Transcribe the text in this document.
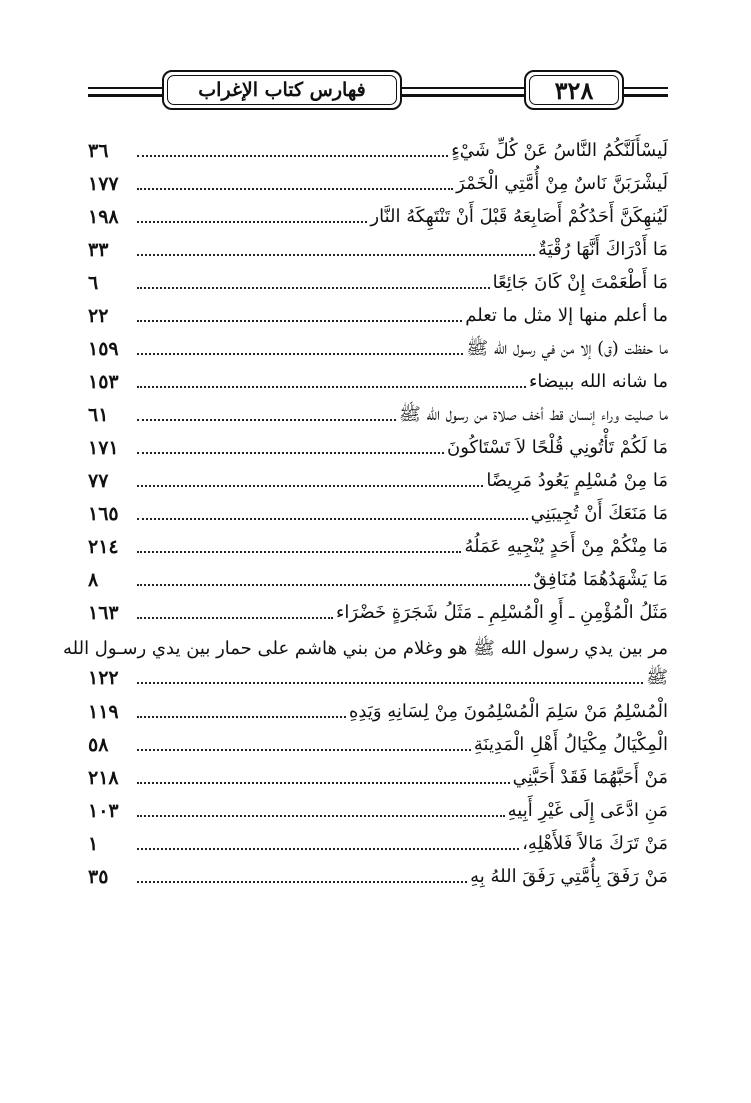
فهارس كتاب الإغراب	٣٢٨
لَيسْأَلَنَّكُمُ النَّاسُ عَنْ كُلِّ شَيْءٍ
٣٦
لَيشْرَبَنَّ نَاسٌ مِنْ أُمَّتِي الْخَمْرَ
١٧٧
لَيُنهِكَنَّ أَحَدُكُمْ أَصَابِعَهُ قَبْلَ أَنْ تَنْتَهِكَهُ النَّار
١٩٨
مَا أَدْرَاكَ أَنَّهَا رُقْيَةٌ
٣٣
مَا أَطْعَمْتَ إِنْ كَانَ جَائِعًا
٦
ما أعلم منها إلا مثل ما تعلم
٢٢
ما حفظت (ق) إلا من في رسول الله ﷺ
١٥٩
ما شانه الله ببيضاء
١٥٣
ما صليت وراء إنسان قط أخف صلاة من رسول الله ﷺ
٦١
مَا لَكُمْ تَأْتُونِي قُلْحًا لاَ تَسْتَاكُونَ
١٧١
مَا مِنْ مُسْلِمٍ يَعُودُ مَرِيضًا
٧٧
مَا مَنَعَكَ أَنْ تُجِيبَنِي
١٦٥
مَا مِنْكُمْ مِنْ أَحَدٍ يُنْجِيهِ عَمَلُهُ
٢١٤
مَا يَشْهَدُهُمَا مُنَافِقٌ
٨
مَثَلُ الْمُؤْمِنِ ـ أَوِ الْمُسْلِمِ ـ مَثَلُ شَجَرَةٍ خَضْرَاء
١٦٣
مر بين يدي رسول الله ﷺ هو وغلام من بني هاشم على حمار بين يدي رسـول الله
ﷺ
١٢٢
الْمُسْلِمُ مَنْ سَلِمَ الْمُسْلِمُونَ مِنْ لِسَانِهِ وَيَدِهِ
١١٩
الْمِكْيَالُ مِكْيَالُ أَهْلِ الْمَدِينَةِ
٥٨
مَنْ أَحَبَّهُمَا فَقَدْ أَحَبَّنِي
٢١٨
مَنِ ادَّعَى إِلَى غَيْرِ أَبِيهِ
١٠٣
مَنْ تَرَكَ مَالاً فَلأَهْلِهِ،
١
مَنْ رَفَقَ بِأُمَّتِي رَفَقَ اللهُ بِهِ
٣٥
